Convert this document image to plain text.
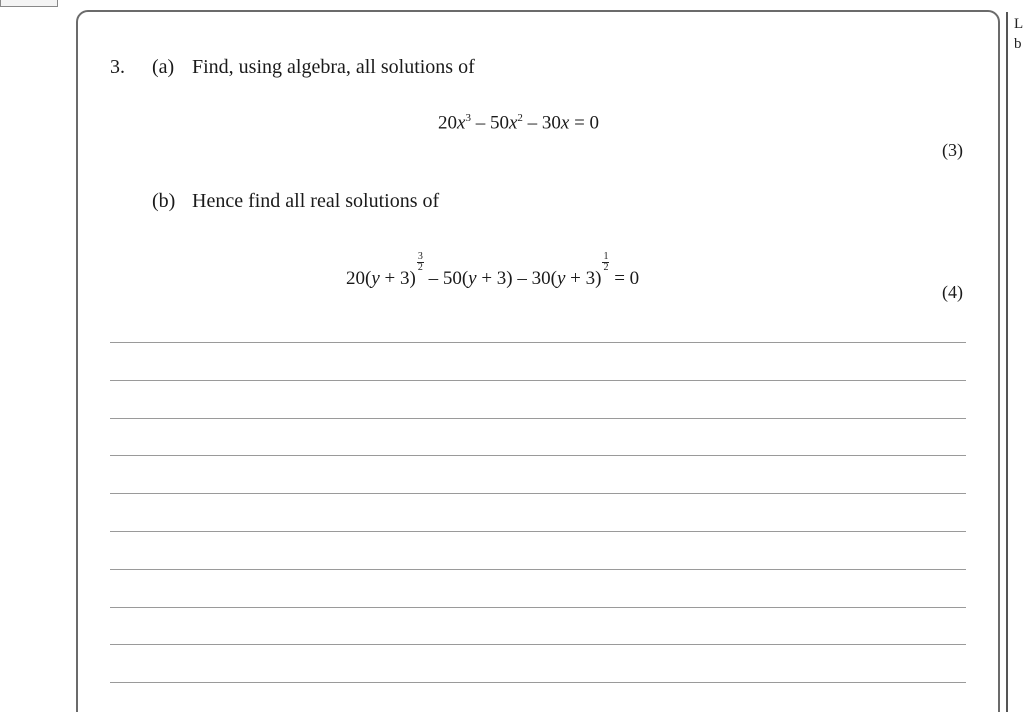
L
b
3. (a) Find, using algebra, all solutions of
$20x^3 - 50x^2 - 30x = 0$
(3)
(b) Hence find all real solutions of
20(y + 3)
$\frac{3}{2}$
– 50(y + 3) – 30(y + 3)
$\frac{1}{2}$
= 0
(4)
